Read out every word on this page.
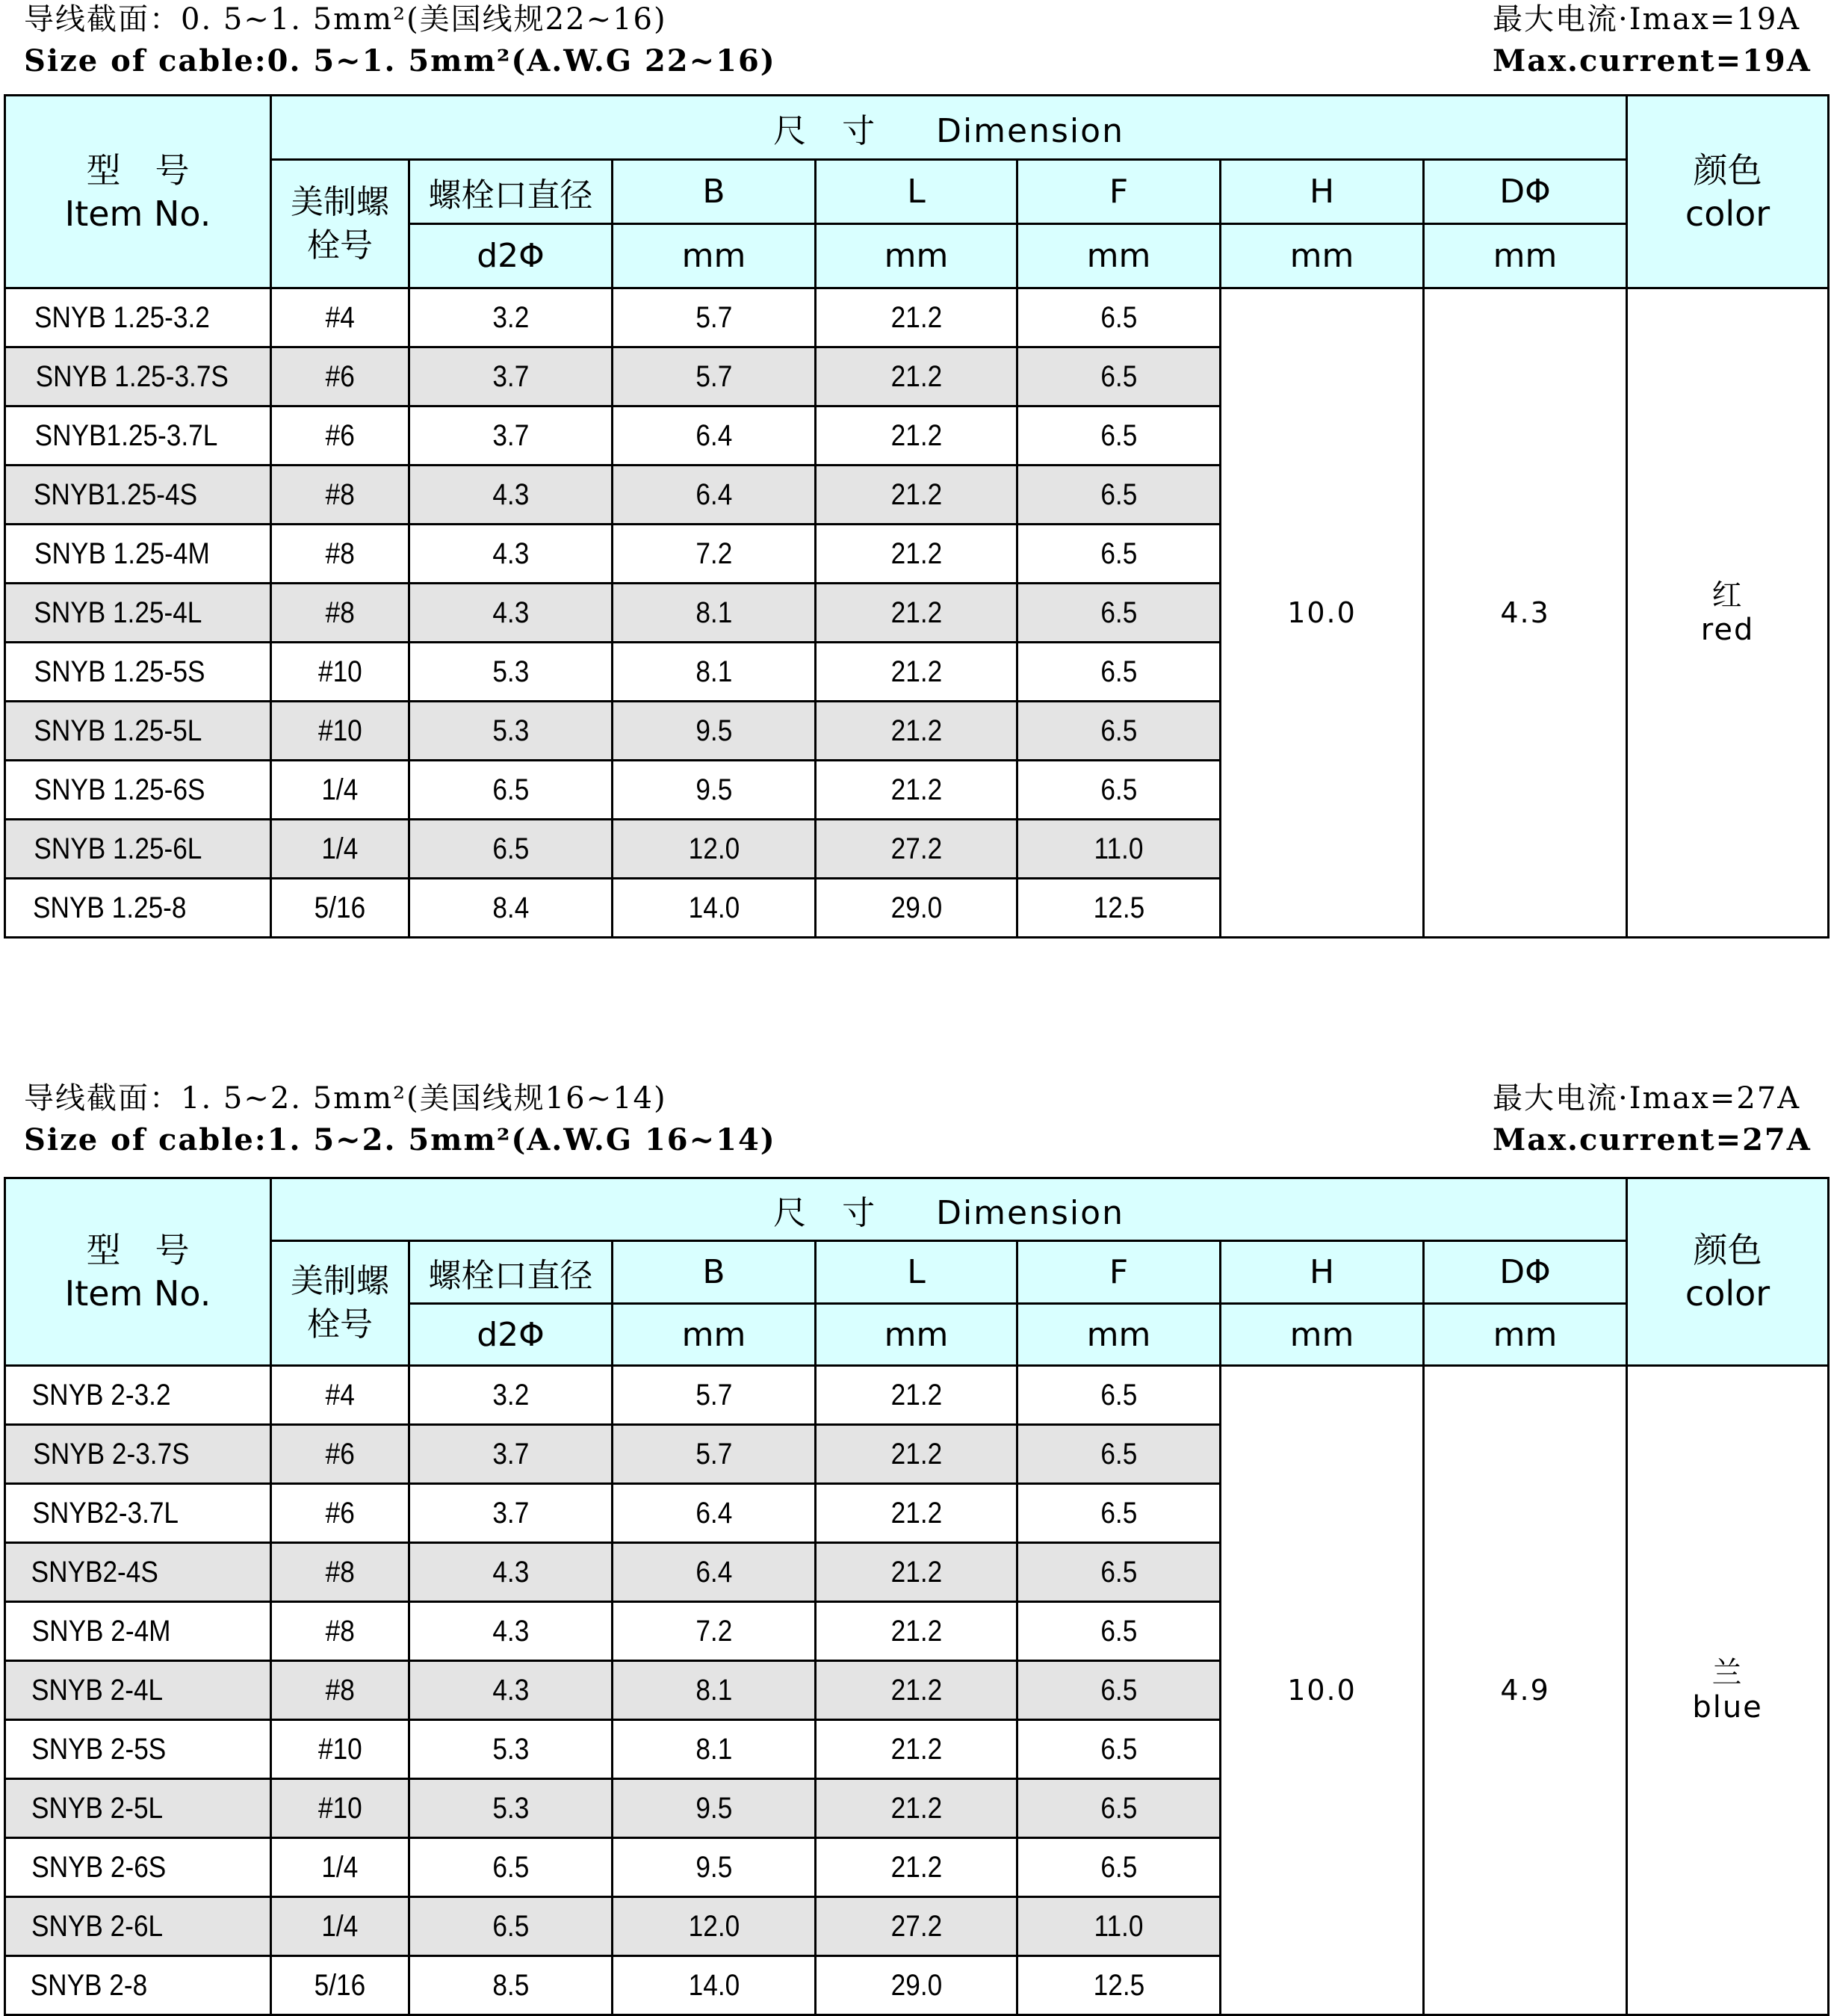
导线截面：0. 5~1. 5mm²(美国线规22~16)
Size of cable:0. 5~1. 5mm²(A.W.G 22~16)
最大电流·Imax=19A
Max.current=19A
型　号
Item No.
	尺　寸 Dimension	
颜色
color

	美制螺栓号	螺栓口直径	B	L	F	H	DΦ	
		d2Φ	mm	mm	mm	mm	mm	
SNYB 1.25-3.2	#4	3.2	5.7	21.2	6.5	10.0	4.3	红
red

SNYB 1.25-3.7S	#6	3.7	5.7	21.2	6.5			
SNYB1.25-3.7L	#6	3.7	6.4	21.2	6.5			
SNYB1.25-4S	#8	4.3	6.4	21.2	6.5			
SNYB 1.25-4M	#8	4.3	7.2	21.2	6.5			
SNYB 1.25-4L	#8	4.3	8.1	21.2	6.5			
SNYB 1.25-5S	#10	5.3	8.1	21.2	6.5			
SNYB 1.25-5L	#10	5.3	9.5	21.2	6.5			
SNYB 1.25-6S	1/4	6.5	9.5	21.2	6.5			
SNYB 1.25-6L	1/4	6.5	12.0	27.2	11.0			
SNYB 1.25-8	5/16	8.4	14.0	29.0	12.5			
导线截面：1. 5~2. 5mm²(美国线规16~14)
Size of cable:1. 5~2. 5mm²(A.W.G 16~14)
最大电流·Imax=27A
Max.current=27A
型　号
Item No.
	尺　寸 Dimension	
颜色
color

	美制螺栓号	螺栓口直径	B	L	F	H	DΦ	
		d2Φ	mm	mm	mm	mm	mm	
SNYB 2-3.2	#4	3.2	5.7	21.2	6.5	10.0	4.9	兰
blue

SNYB 2-3.7S	#6	3.7	5.7	21.2	6.5			
SNYB2-3.7L	#6	3.7	6.4	21.2	6.5			
SNYB2-4S	#8	4.3	6.4	21.2	6.5			
SNYB 2-4M	#8	4.3	7.2	21.2	6.5			
SNYB 2-4L	#8	4.3	8.1	21.2	6.5			
SNYB 2-5S	#10	5.3	8.1	21.2	6.5			
SNYB 2-5L	#10	5.3	9.5	21.2	6.5			
SNYB 2-6S	1/4	6.5	9.5	21.2	6.5			
SNYB 2-6L	1/4	6.5	12.0	27.2	11.0			
SNYB 2-8	5/16	8.5	14.0	29.0	12.5			
